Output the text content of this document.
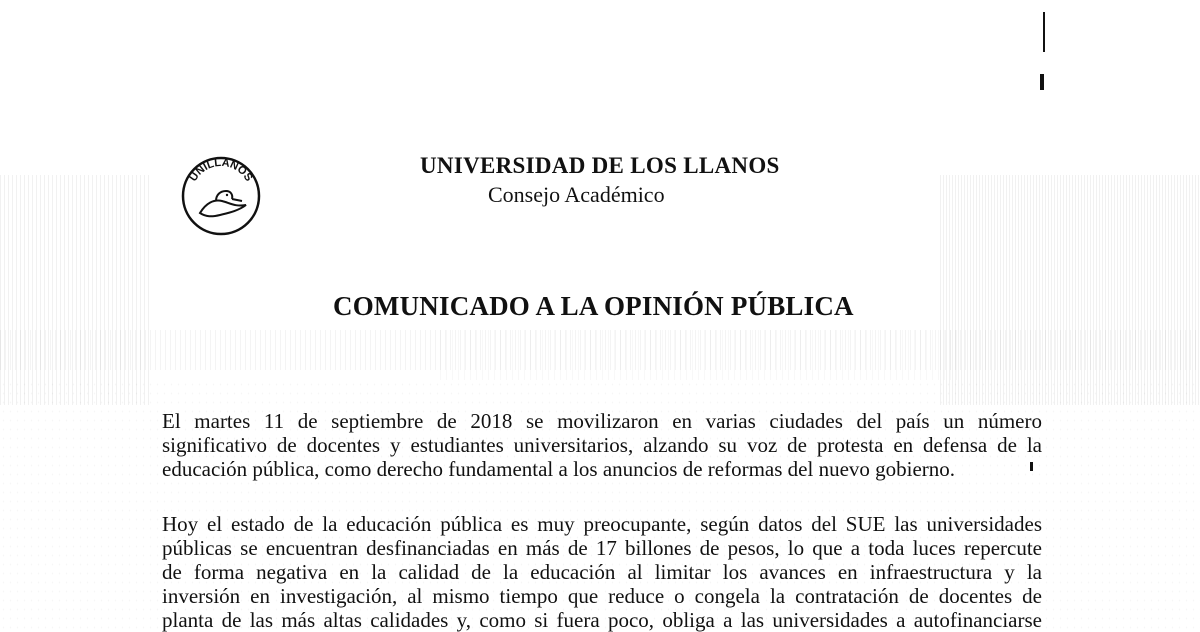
UNILLANOS	UNIVERSIDAD DE LOS LLANOS
Consejo Académico
COMUNICADO A LA OPINIÓN PÚBLICA
El martes 11 de septiembre de 2018 se movilizaron en varias ciudades del país un número
significativo de docentes y estudiantes universitarios, alzando su voz de protesta en defensa de la
educación pública, como derecho fundamental a los anuncios de reformas del nuevo gobierno.
Hoy el estado de la educación pública es muy preocupante, según datos del SUE las universidades
públicas se encuentran desfinanciadas en más de 17 billones de pesos, lo que a toda luces repercute
de forma negativa en la calidad de la educación al limitar los avances en infraestructura y la
inversión en investigación, al mismo tiempo que reduce o congela la contratación de docentes de
planta de las más altas calidades y, como si fuera poco, obliga a las universidades a autofinanciarse
